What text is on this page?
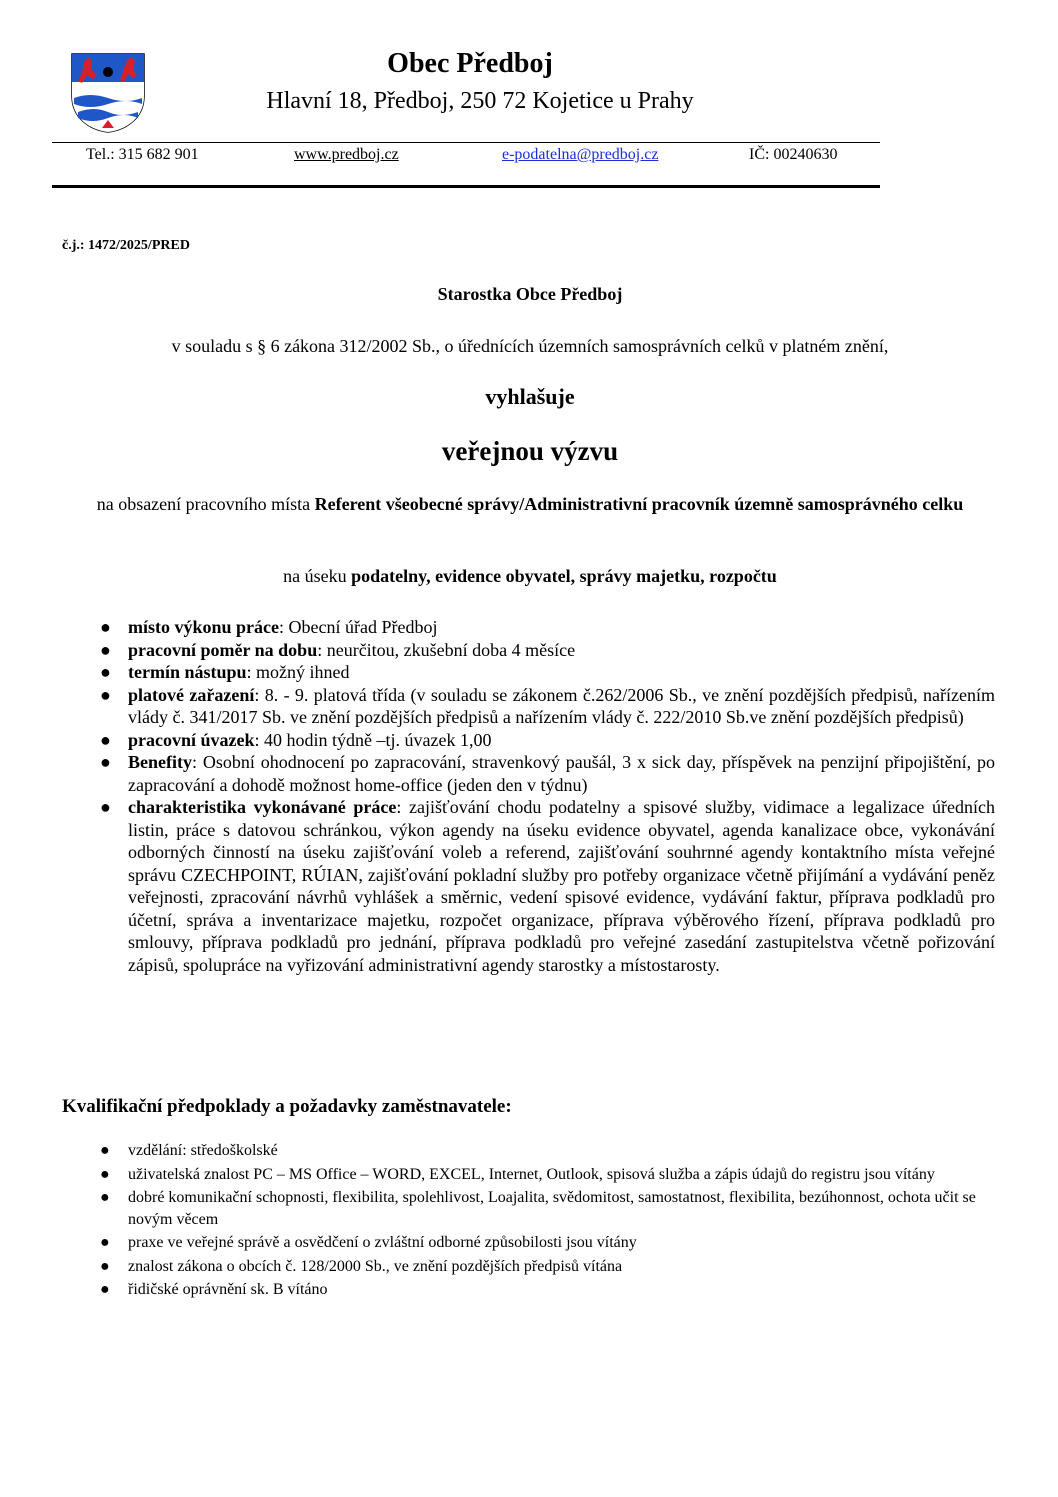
Obec Předboj
Hlavní 18, Předboj, 250 72 Kojetice u Prahy
Tel.: 315 682 901	www.predboj.cz	e-podatelna@predboj.cz	IČ: 00240630
č.j.: 1472/2025/PRED
Starostka Obce Předboj
v souladu s § 6 zákona 312/2002 Sb., o úřednících územních samosprávních celků v platném znění,
vyhlašuje
veřejnou výzvu
na obsazení pracovního místa Referent všeobecné správy/Administrativní pracovník územně samosprávného celku
na úseku podatelny, evidence obyvatel, správy majetku, rozpočtu
● místo výkonu práce: Obecní úřad Předboj
● pracovní poměr na dobu: neurčitou, zkušební doba 4 měsíce
● termín nástupu: možný ihned
● platové zařazení: 8. - 9. platová třída (v souladu se zákonem č.262/2006 Sb., ve znění pozdějších předpisů, nařízením vlády č. 341/2017 Sb. ve znění pozdějších předpisů a nařízením vlády č. 222/2010 Sb.ve znění pozdějších předpisů)
● pracovní úvazek: 40 hodin týdně –tj. úvazek 1,00
● Benefity: Osobní ohodnocení po zapracování, stravenkový paušál, 3 x sick day, příspěvek na penzijní připojištění, po zapracování a dohodě možnost home-office (jeden den v týdnu)
● charakteristika vykonávané práce: zajišťování chodu podatelny a spisové služby, vidimace a legalizace úředních listin, práce s datovou schránkou, výkon agendy na úseku evidence obyvatel, agenda kanalizace obce, vykonávání odborných činností na úseku zajišťování voleb a referend, zajišťování souhrnné agendy kontaktního místa veřejné správu CZECHPOINT, RÚIAN, zajišťování pokladní služby pro potřeby organizace včetně přijímání a vydávání peněz veřejnosti, zpracování návrhů vyhlášek a směrnic, vedení spisové evidence, vydávání faktur, příprava podkladů pro účetní, správa a inventarizace majetku, rozpočet organizace, příprava výběrového řízení, příprava podkladů pro smlouvy, příprava podkladů pro jednání, příprava podkladů pro veřejné zasedání zastupitelstva včetně pořizování zápisů, spolupráce na vyřizování administrativní agendy starostky a místostarosty.
Kvalifikační předpoklady a požadavky zaměstnavatele:
● vzdělání: středoškolské
● uživatelská znalost PC – MS Office – WORD, EXCEL, Internet, Outlook, spisová služba a zápis údajů do registru jsou vítány
● dobré komunikační schopnosti, flexibilita, spolehlivost, Loajalita, svědomitost, samostatnost, flexibilita, bezúhonnost, ochota učit se novým věcem
● praxe ve veřejné správě a osvědčení o zvláštní odborné způsobilosti jsou vítány
● znalost zákona o obcích č. 128/2000 Sb., ve znění pozdějších předpisů vítána
● řidičské oprávnění sk. B vítáno
